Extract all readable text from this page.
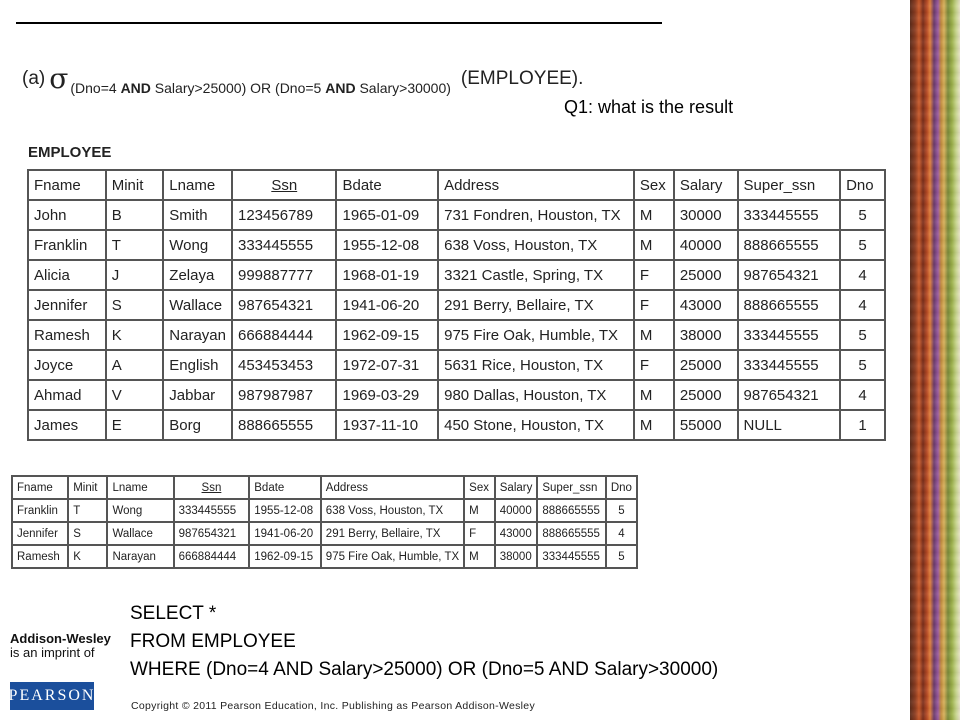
(a) σ (Dno=4 AND Salary>25000) OR (Dno=5 AND Salary>30000) (EMPLOYEE).
Q1: what is the result
EMPLOYEE
Fname	Minit	Lname	Ssn	Bdate	Address	Sex	Salary	Super_ssn	Dno
John	B	Smith	123456789	1965-01-09	731 Fondren, Houston, TX	M	30000	333445555	5
Franklin	T	Wong	333445555	1955-12-08	638 Voss, Houston, TX	M	40000	888665555	5
Alicia	J	Zelaya	999887777	1968-01-19	3321 Castle, Spring, TX	F	25000	987654321	4
Jennifer	S	Wallace	987654321	1941-06-20	291 Berry, Bellaire, TX	F	43000	888665555	4
Ramesh	K	Narayan	666884444	1962-09-15	975 Fire Oak, Humble, TX	M	38000	333445555	5
Joyce	A	English	453453453	1972-07-31	5631 Rice, Houston, TX	F	25000	333445555	5
Ahmad	V	Jabbar	987987987	1969-03-29	980 Dallas, Houston, TX	M	25000	987654321	4
James	E	Borg	888665555	1937-11-10	450 Stone, Houston, TX	M	55000	NULL	1
Fname	Minit	Lname	Ssn	Bdate	Address	Sex	Salary	Super_ssn	Dno
Franklin	T	Wong	333445555	1955-12-08	638 Voss, Houston, TX	M	40000	888665555	5
Jennifer	S	Wallace	987654321	1941-06-20	291 Berry, Bellaire, TX	F	43000	888665555	4
Ramesh	K	Narayan	666884444	1962-09-15	975 Fire Oak, Humble, TX	M	38000	333445555	5
SELECT *
FROM EMPLOYEE
WHERE (Dno=4 AND Salary>25000) OR (Dno=5 AND Salary>30000)
Addison-Wesley
is an imprint of
PEARSON
Copyright © 2011 Pearson Education, Inc. Publishing as Pearson Addison-Wesley
